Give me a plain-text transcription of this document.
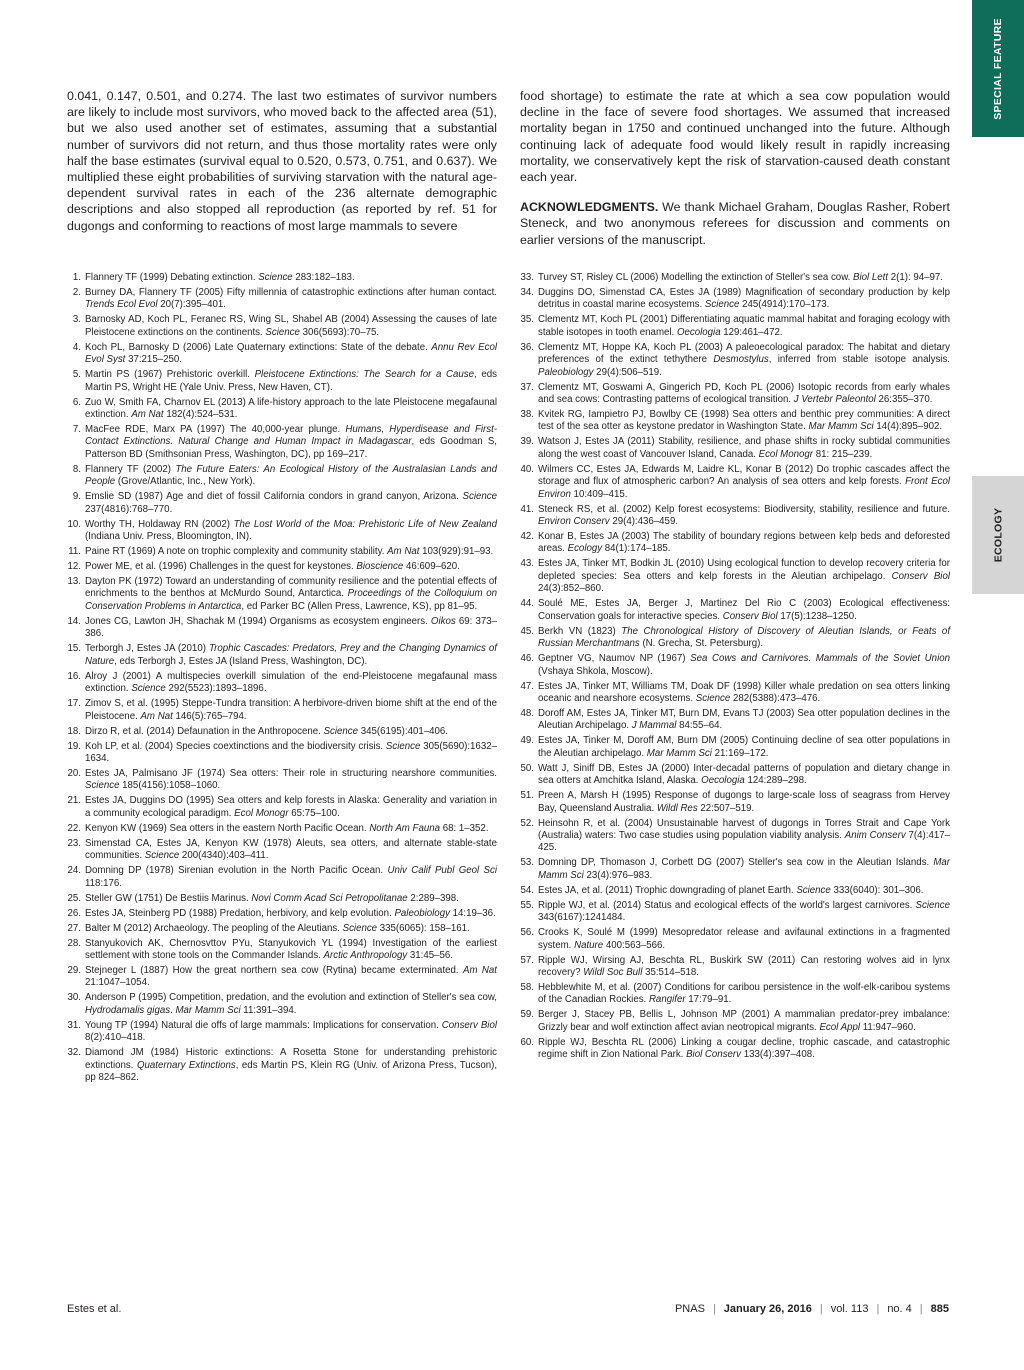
SPECIAL FEATURE
ECOLOGY

0.041, 0.147, 0.501, and 0.274. The last two estimates of survivor numbers are likely to include most survivors, who moved back to the affected area (51), but we also used another set of estimates, assuming that a substantial number of survivors did not return, and thus those mortality rates were only half the base estimates (survival equal to 0.520, 0.573, 0.751, and 0.637). We multiplied these eight probabilities of surviving starvation with the natural age-dependent survival rates in each of the 236 alternate demographic descriptions and also stopped all reproduction (as reported by ref. 51 for dugongs and conforming to reactions of most large mammals to severe

food shortage) to estimate the rate at which a sea cow population would decline in the face of severe food shortages. We assumed that increased mortality began in 1750 and continued unchanged into the future. Although continuing lack of adequate food would likely result in rapidly increasing mortality, we conservatively kept the risk of starvation-caused death constant each year.

ACKNOWLEDGMENTS. We thank Michael Graham, Douglas Rasher, Robert Steneck, and two anonymous referees for discussion and comments on earlier versions of the manuscript.

1. Flannery TF (1999) Debating extinction. Science 283:182–183.
2. Burney DA, Flannery TF (2005) Fifty millennia of catastrophic extinctions after human contact. Trends Ecol Evol 20(7):395–401.
3. Barnosky AD, Koch PL, Feranec RS, Wing SL, Shabel AB (2004) Assessing the causes of late Pleistocene extinctions on the continents. Science 306(5693):70–75.
4. Koch PL, Barnosky D (2006) Late Quaternary extinctions: State of the debate. Annu Rev Ecol Evol Syst 37:215–250.
5. Martin PS (1967) Prehistoric overkill. Pleistocene Extinctions: The Search for a Cause, eds Martin PS, Wright HE (Yale Univ. Press, New Haven, CT).
6. Zuo W, Smith FA, Charnov EL (2013) A life-history approach to the late Pleistocene megafaunal extinction. Am Nat 182(4):524–531.
7. MacFee RDE, Marx PA (1997) The 40,000-year plunge. Humans, Hyperdisease and First-Contact Extinctions. Natural Change and Human Impact in Madagascar, eds Goodman S, Patterson BD (Smithsonian Press, Washington, DC), pp 169–217.
8. Flannery TF (2002) The Future Eaters: An Ecological History of the Australasian Lands and People (Grove/Atlantic, Inc., New York).
9. Emslie SD (1987) Age and diet of fossil California condors in grand canyon, Arizona. Science 237(4816):768–770.
10. Worthy TH, Holdaway RN (2002) The Lost World of the Moa: Prehistoric Life of New Zealand (Indiana Univ. Press, Bloomington, IN).
11. Paine RT (1969) A note on trophic complexity and community stability. Am Nat 103(929):91–93.
12. Power ME, et al. (1996) Challenges in the quest for keystones. Bioscience 46:609–620.
13. Dayton PK (1972) Toward an understanding of community resilience and the potential effects of enrichments to the benthos at McMurdo Sound, Antarctica. Proceedings of the Colloquium on Conservation Problems in Antarctica, ed Parker BC (Allen Press, Lawrence, KS), pp 81–95.
14. Jones CG, Lawton JH, Shachak M (1994) Organisms as ecosystem engineers. Oikos 69: 373–386.
15. Terborgh J, Estes JA (2010) Trophic Cascades: Predators, Prey and the Changing Dynamics of Nature, eds Terborgh J, Estes JA (Island Press, Washington, DC).
16. Alroy J (2001) A multispecies overkill simulation of the end-Pleistocene megafaunal mass extinction. Science 292(5523):1893–1896.
17. Zimov S, et al. (1995) Steppe-Tundra transition: A herbivore-driven biome shift at the end of the Pleistocene. Am Nat 146(5):765–794.
18. Dirzo R, et al. (2014) Defaunation in the Anthropocene. Science 345(6195):401–406.
19. Koh LP, et al. (2004) Species coextinctions and the biodiversity crisis. Science 305(5690):1632–1634.
20. Estes JA, Palmisano JF (1974) Sea otters: Their role in structuring nearshore communities. Science 185(4156):1058–1060.
21. Estes JA, Duggins DO (1995) Sea otters and kelp forests in Alaska: Generality and variation in a community ecological paradigm. Ecol Monogr 65:75–100.
22. Kenyon KW (1969) Sea otters in the eastern North Pacific Ocean. North Am Fauna 68: 1–352.
23. Simenstad CA, Estes JA, Kenyon KW (1978) Aleuts, sea otters, and alternate stable-state communities. Science 200(4340):403–411.
24. Domning DP (1978) Sirenian evolution in the North Pacific Ocean. Univ Calif Publ Geol Sci 118:176.
25. Steller GW (1751) De Bestiis Marinus. Novi Comm Acad Sci Petropolitanae 2:289–398.
26. Estes JA, Steinberg PD (1988) Predation, herbivory, and kelp evolution. Paleobiology 14:19–36.
27. Balter M (2012) Archaeology. The peopling of the Aleutians. Science 335(6065): 158–161.
28. Stanyukovich AK, Chernosvttov PYu, Stanyukovich YL (1994) Investigation of the earliest settlement with stone tools on the Commander Islands. Arctic Anthropology 31:45–56.
29. Stejneger L (1887) How the great northern sea cow (Rytina) became exterminated. Am Nat 21:1047–1054.
30. Anderson P (1995) Competition, predation, and the evolution and extinction of Steller's sea cow, Hydrodamalis gigas. Mar Mamm Sci 11:391–394.
31. Young TP (1994) Natural die offs of large mammals: Implications for conservation. Conserv Biol 8(2):410–418.
32. Diamond JM (1984) Historic extinctions: A Rosetta Stone for understanding prehistoric extinctions. Quaternary Extinctions, eds Martin PS, Klein RG (Univ. of Arizona Press, Tucson), pp 824–862.
33. Turvey ST, Risley CL (2006) Modelling the extinction of Steller's sea cow. Biol Lett 2(1): 94–97.
34. Duggins DO, Simenstad CA, Estes JA (1989) Magnification of secondary production by kelp detritus in coastal marine ecosystems. Science 245(4914):170–173.
35. Clementz MT, Koch PL (2001) Differentiating aquatic mammal habitat and foraging ecology with stable isotopes in tooth enamel. Oecologia 129:461–472.
36. Clementz MT, Hoppe KA, Koch PL (2003) A paleoecological paradox: The habitat and dietary preferences of the extinct tethythere Desmostylus, inferred from stable isotope analysis. Paleobiology 29(4):506–519.
37. Clementz MT, Goswami A, Gingerich PD, Koch PL (2006) Isotopic records from early whales and sea cows: Contrasting patterns of ecological transition. J Vertebr Paleontol 26:355–370.
38. Kvitek RG, Iampietro PJ, Bowlby CE (1998) Sea otters and benthic prey communities: A direct test of the sea otter as keystone predator in Washington State. Mar Mamm Sci 14(4):895–902.
39. Watson J, Estes JA (2011) Stability, resilience, and phase shifts in rocky subtidal communities along the west coast of Vancouver Island, Canada. Ecol Monogr 81: 215–239.
40. Wilmers CC, Estes JA, Edwards M, Laidre KL, Konar B (2012) Do trophic cascades affect the storage and flux of atmospheric carbon? An analysis of sea otters and kelp forests. Front Ecol Environ 10:409–415.
41. Steneck RS, et al. (2002) Kelp forest ecosystems: Biodiversity, stability, resilience and future. Environ Conserv 29(4):436–459.
42. Konar B, Estes JA (2003) The stability of boundary regions between kelp beds and deforested areas. Ecology 84(1):174–185.
43. Estes JA, Tinker MT, Bodkin JL (2010) Using ecological function to develop recovery criteria for depleted species: Sea otters and kelp forests in the Aleutian archipelago. Conserv Biol 24(3):852–860.
44. Soulé ME, Estes JA, Berger J, Martinez Del Rio C (2003) Ecological effectiveness: Conservation goals for interactive species. Conserv Biol 17(5):1238–1250.
45. Berkh VN (1823) The Chronological History of Discovery of Aleutian Islands, or Feats of Russian Merchantmans (N. Grecha, St. Petersburg).
46. Geptner VG, Naumov NP (1967) Sea Cows and Carnivores. Mammals of the Soviet Union (Vshaya Shkola, Moscow).
47. Estes JA, Tinker MT, Williams TM, Doak DF (1998) Killer whale predation on sea otters linking oceanic and nearshore ecosystems. Science 282(5388):473–476.
48. Doroff AM, Estes JA, Tinker MT, Burn DM, Evans TJ (2003) Sea otter population declines in the Aleutian Archipelago. J Mammal 84:55–64.
49. Estes JA, Tinker M, Doroff AM, Burn DM (2005) Continuing decline of sea otter populations in the Aleutian archipelago. Mar Mamm Sci 21:169–172.
50. Watt J, Siniff DB, Estes JA (2000) Inter-decadal patterns of population and dietary change in sea otters at Amchitka Island, Alaska. Oecologia 124:289–298.
51. Preen A, Marsh H (1995) Response of dugongs to large-scale loss of seagrass from Hervey Bay, Queensland Australia. Wildl Res 22:507–519.
52. Heinsohn R, et al. (2004) Unsustainable harvest of dugongs in Torres Strait and Cape York (Australia) waters: Two case studies using population viability analysis. Anim Conserv 7(4):417–425.
53. Domning DP, Thomason J, Corbett DG (2007) Steller's sea cow in the Aleutian Islands. Mar Mamm Sci 23(4):976–983.
54. Estes JA, et al. (2011) Trophic downgrading of planet Earth. Science 333(6040): 301–306.
55. Ripple WJ, et al. (2014) Status and ecological effects of the world's largest carnivores. Science 343(6167):1241484.
56. Crooks K, Soulé M (1999) Mesopredator release and avifaunal extinctions in a fragmented system. Nature 400:563–566.
57. Ripple WJ, Wirsing AJ, Beschta RL, Buskirk SW (2011) Can restoring wolves aid in lynx recovery? Wildl Soc Bull 35:514–518.
58. Hebblewhite M, et al. (2007) Conditions for caribou persistence in the wolf-elk-caribou systems of the Canadian Rockies. Rangifer 17:79–91.
59. Berger J, Stacey PB, Bellis L, Johnson MP (2001) A mammalian predator-prey imbalance: Grizzly bear and wolf extinction affect avian neotropical migrants. Ecol Appl 11:947–960.
60. Ripple WJ, Beschta RL (2006) Linking a cougar decline, trophic cascade, and catastrophic regime shift in Zion National Park. Biol Conserv 133(4):397–408.
Estes et al.	PNAS | January 26, 2016 | vol. 113 | no. 4 | 885
